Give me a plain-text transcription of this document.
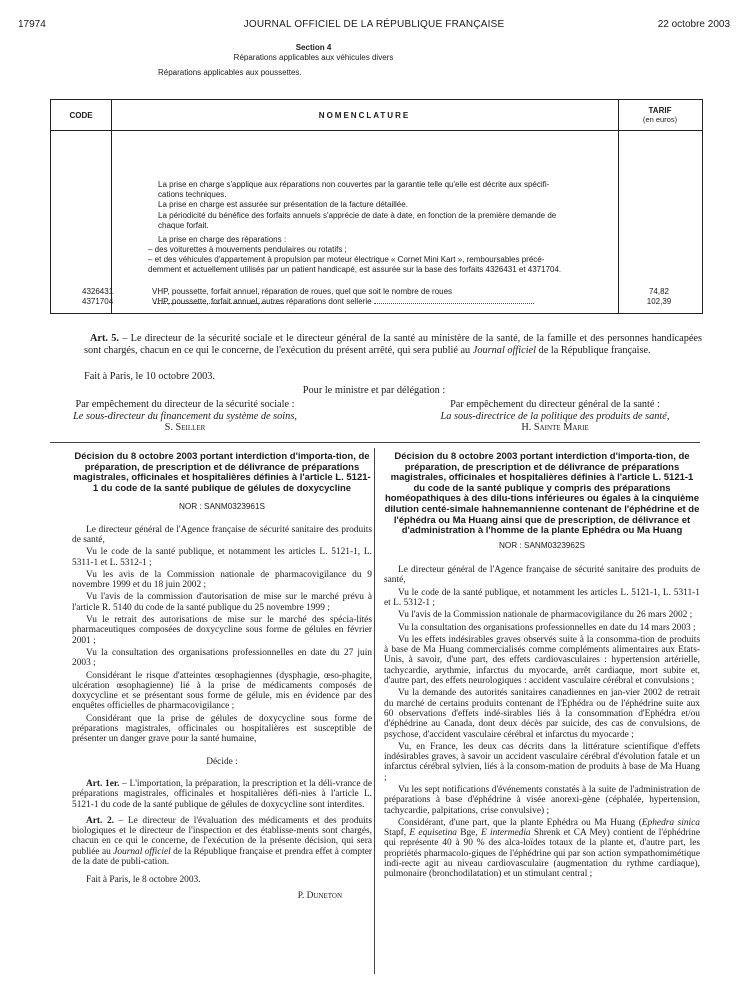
17974	JOURNAL OFFICIEL DE LA RÉPUBLIQUE FRANÇAISE	22 octobre 2003
CODE	NOMENCLATURE	TARIF
(en euros)
Section 4
Réparations applicables aux véhicules divers
Réparations applicables aux poussettes.
La prise en charge s'applique aux réparations non couvertes par la garantie telle qu'elle est décrite aux spécifi-cations techniques.
La prise en charge est assurée sur présentation de la facture détaillée.
La périodicité du bénéfice des forfaits annuels s'apprécie de date à date, en fonction de la première demande de chaque forfait.
La prise en charge des réparations :
– des voiturettes à mouvements pendulaires ou rotatifs ;
– et des véhicules d'appartement à propulsion par moteur électrique « Cornet Mini Kart », remboursables précé-demment et actuellement utilisés par un patient handicapé, est assurée sur la base des forfaits 4326431 et 4371704.
4326431	VHP, poussette, forfait annuel, réparation de roues, quel que soit le nombre de roues	74,82
4371704	VHP, poussette, forfait annuel, autres réparations dont sellerie	102,39

Art. 5. – Le directeur de la sécurité sociale et le directeur général de la santé au ministère de la santé, de la famille et des personnes handicapées sont chargés, chacun en ce qui le concerne, de l'exécution du présent arrêté, qui sera publié au Journal officiel de la République française.

Fait à Paris, le 10 octobre 2003.
Pour le ministre et par délégation :
Par empêchement du directeur de la sécurité sociale :
Le sous-directeur du financement du système de soins,
S. Seiller
Par empêchement du directeur général de la santé :
La sous-directrice de la politique des produits de santé,
H. Sainte Marie

Décision du 8 octobre 2003 portant interdiction d'importa-tion, de préparation, de prescription et de délivrance de préparations magistrales, officinales et hospitalières définies à l'article L. 5121-1 du code de la santé publique de gélules de doxycycline

NOR : SANM0323961S

Le directeur général de l'Agence française de sécurité sanitaire des produits de santé,

Vu le code de la santé publique, et notamment les articles L. 5121-1, L. 5311-1 et L. 5312-1 ;

Vu les avis de la Commission nationale de pharmacovigilance du 9 novembre 1999 et du 18 juin 2002 ;

Vu l'avis de la commission d'autorisation de mise sur le marché prévu à l'article R. 5140 du code de la santé publique du 25 novembre 1999 ;

Vu le retrait des autorisations de mise sur le marché des spécia-lités pharmaceutiques composées de doxycycline sous forme de gélules en février 2001 ;

Vu la consultation des organisations professionnelles en date du 27 juin 2003 ;

Considérant le risque d'atteintes œsophagiennes (dysphagie, œso-phagite, ulcération œsophagienne) lié à la prise de médicaments composés de doxycycline et se présentant sous forme de gélule, mis en évidence par des enquêtes officielles de pharmacovigilance ;

Considérant que la prise de gélules de doxycycline sous forme de préparations magistrales, officinales ou hospitalières est susceptible de présenter un danger grave pour la santé humaine,

Décide :

Art. 1er. – L'importation, la préparation, la prescription et la déli-vrance de préparations magistrales, officinales et hospitalières défi-nies à l'article L. 5121-1 du code de la santé publique de gélules de doxycycline sont interdites.

Art. 2. – Le directeur de l'évaluation des médicaments et des produits biologiques et le directeur de l'inspection et des établisse-ments sont chargés, chacun en ce qui le concerne, de l'exécution de la présente décision, qui sera publiée au Journal officiel de la République française et prendra effet à compter de la date de publi-cation.

Fait à Paris, le 8 octobre 2003.

P. Duneton

Décision du 8 octobre 2003 portant interdiction d'importa-tion, de préparation, de prescription et de délivrance de préparations magistrales, officinales et hospitalières définies à l'article L. 5121-1 du code de la santé publique y compris des préparations homéopathiques à des dilu-tions inférieures ou égales à la cinquième dilution centé-simale hahnemannienne contenant de l'éphédrine et de l'éphédra ou Ma Huang ainsi que de prescription, de délivrance et d'administration à l'homme de la plante Ephédra ou Ma Huang

NOR : SANM0323962S

Le directeur général de l'Agence française de sécurité sanitaire des produits de santé,

Vu le code de la santé publique, et notamment les articles L. 5121-1, L. 5311-1 et L. 5312-1 ;

Vu l'avis de la Commission nationale de pharmacovigilance du 26 mars 2002 ;

Vu la consultation des organisations professionnelles en date du 14 mars 2003 ;

Vu les effets indésirables graves observés suite à la consomma-tion de produits à base de Ma Huang commercialisés comme compléments alimentaires aux Etats-Unis, à savoir, d'une part, des effets cardiovasculaires : hypertension artérielle, tachycardie, arythmie, infarctus du myocarde, arrêt cardiaque, mort subite et, d'autre part, des effets neurologiques : accident vasculaire cérébral et convulsions ;

Vu la demande des autorités sanitaires canadiennes en jan-vier 2002 de retrait du marché de certains produits contenant de l'Ephédra ou de l'éphédrine suite aux 60 observations d'effets indé-sirables liés à la consommation d'Ephédra et/ou d'éphédrine au Canada, dont deux décès par suicide, des cas de convulsions, de psychose, d'accident vasculaire cérébral et infarctus du myocarde ;

Vu, en France, les deux cas décrits dans la littérature scientifique d'effets indésirables graves, à savoir un accident vasculaire cérébral d'évolution fatale et un infarctus cérébral sylvien, liés à la consom-mation de produits à base de Ma Huang ;

Vu les sept notifications d'événements constatés à la suite de l'administration de préparations à base d'éphédrine à visée anorexi-gène (céphalée, hypertension, tachycardie, palpitations, crise convulsive) ;

Considérant, d'une part, que la plante Ephédra ou Ma Huang (Ephedra sinica Stapf, E equisetina Bge, E intermedia Shrenk et CA Mey) contient de l'éphédrine qui représente 40 à 90 % des alca-loïdes totaux de la plante et, d'autre part, les propriétés pharmacolo-giques de l'éphédrine qui par son action sympathomimétique indi-recte agit au niveau cardiovasculaire (augmentation du rythme cardiaque), pulmonaire (bronchodilatation) et un stimulant central ;
